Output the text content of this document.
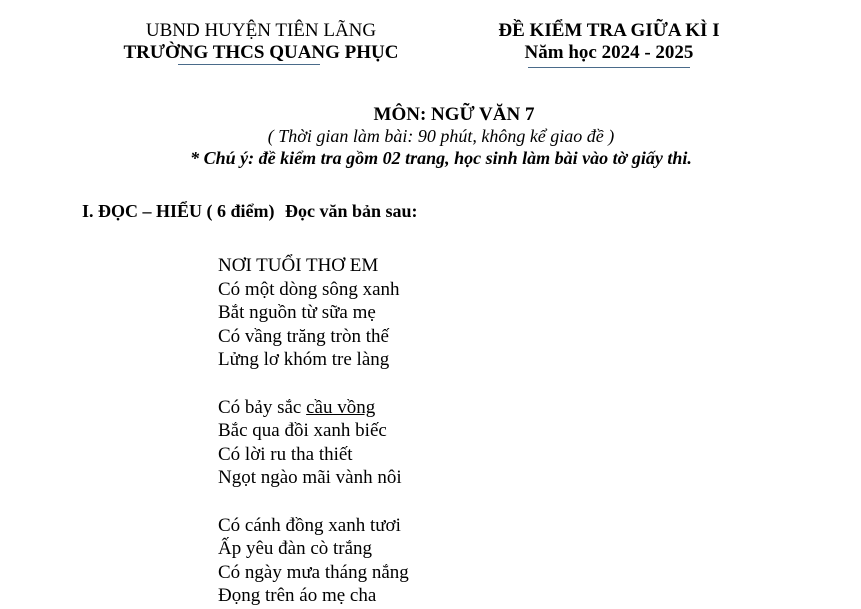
UBND HUYỆN TIÊN LÃNG
TRƯỜNG THCS QUANG PHỤC
ĐỀ KIỂM TRA GIỮA KÌ I
Năm học 2024 - 2025
MÔN: NGỮ VĂN 7
( Thời gian làm bài: 90 phút, không kể giao đề )
* Chú ý: đề kiểm tra gồm 02 trang, học sinh làm bài vào tờ giấy thi.
I. ĐỌC – HIỂU ( 6 điểm) Đọc văn bản sau:
NƠI TUỔI THƠ EM
Có một dòng sông xanh
Bắt nguồn từ sữa mẹ
Có vầng trăng tròn thế
Lửng lơ khóm tre làng
Có bảy sắc cầu vồng
Bắc qua đồi xanh biếc
Có lời ru tha thiết
Ngọt ngào mãi vành nôi
Có cánh đồng xanh tươi
Ấp yêu đàn cò trắng
Có ngày mưa tháng nắng
Đọng trên áo mẹ cha
